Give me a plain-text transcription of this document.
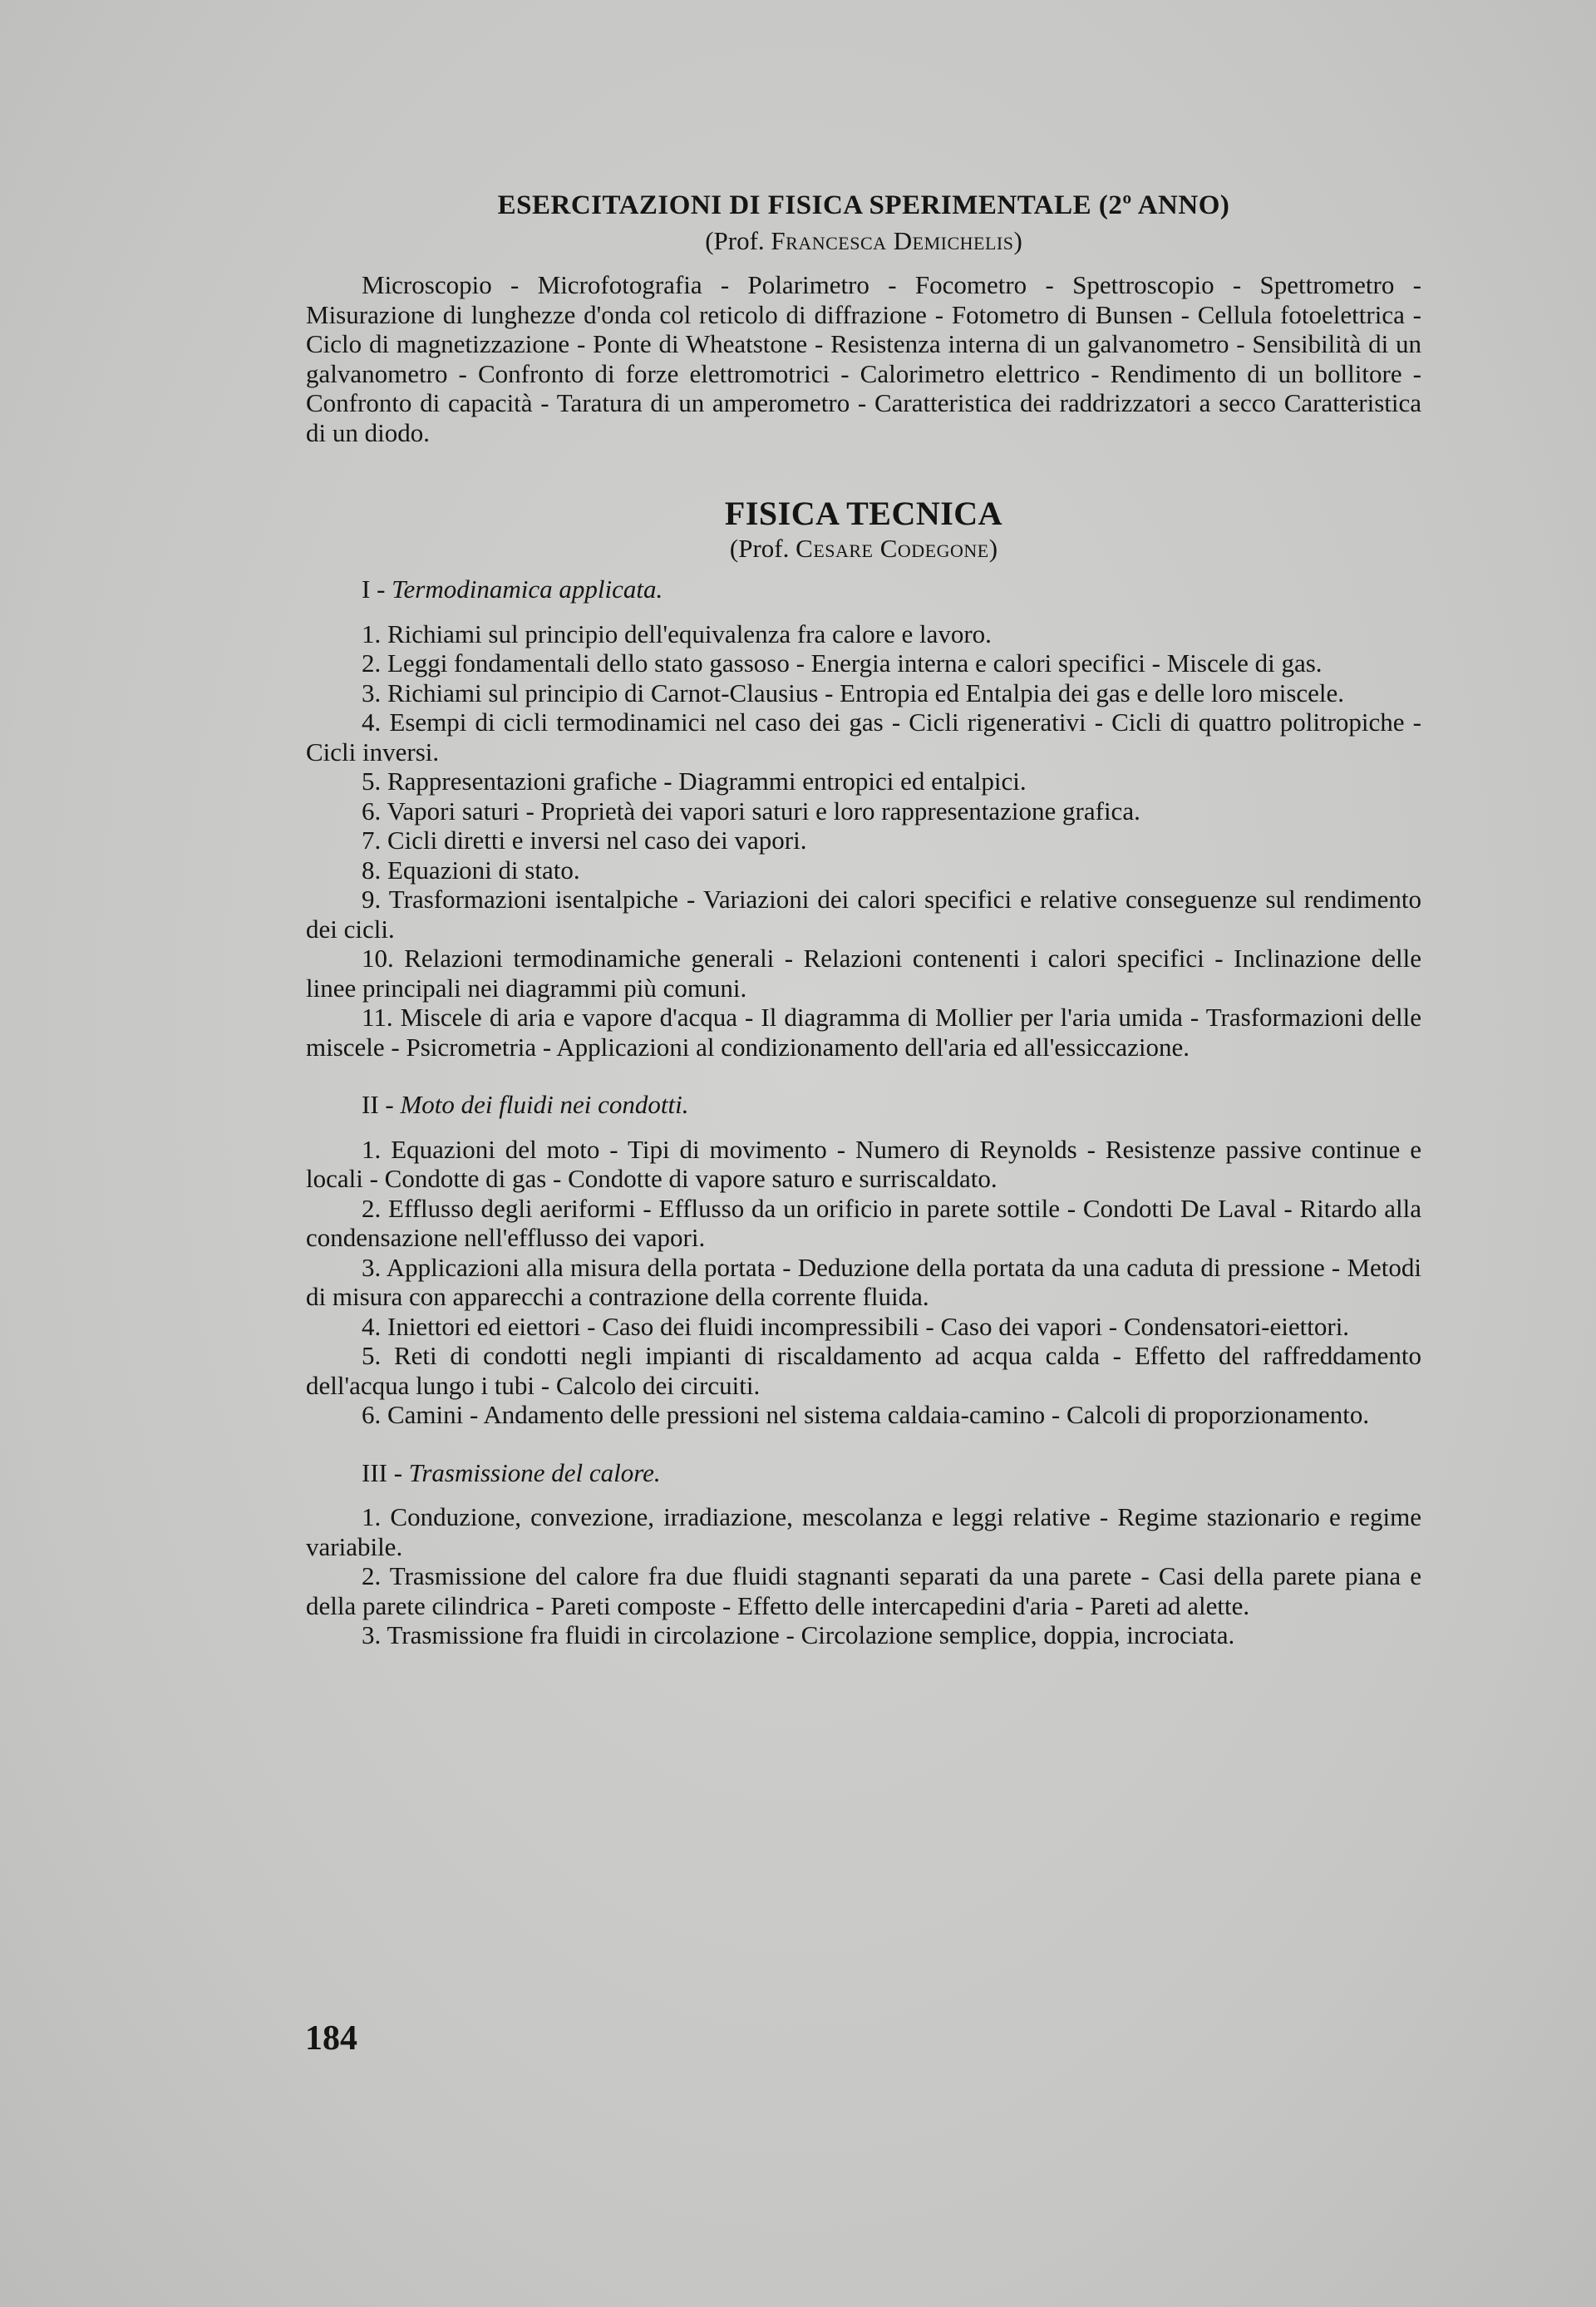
ESERCITAZIONI DI FISICA SPERIMENTALE (2º ANNO)

(Prof. Francesca Demichelis)

Microscopio - Microfotografia - Polarimetro - Focometro - Spettroscopio - Spettrometro - Misurazione di lunghezze d'onda col reticolo di diffrazione - Fotometro di Bunsen - Cellula fotoelettrica - Ciclo di magnetizzazione - Ponte di Wheatstone - Resistenza interna di un galvanometro - Sensibilità di un galvanometro - Confronto di forze elettromotrici - Calorimetro elettrico - Rendimento di un bollitore - Confronto di capacità - Taratura di un amperometro - Caratteristica dei raddrizzatori a secco Caratteristica di un diodo.

FISICA TECNICA

(Prof. Cesare Codegone)

I - Termodinamica applicata.

1. Richiami sul principio dell'equivalenza fra calore e lavoro.

2. Leggi fondamentali dello stato gassoso - Energia interna e calori specifici - Miscele di gas.

3. Richiami sul principio di Carnot-Clausius - Entropia ed Entalpia dei gas e delle loro miscele.

4. Esempi di cicli termodinamici nel caso dei gas - Cicli rigenerativi - Cicli di quattro politropiche - Cicli inversi.

5. Rappresentazioni grafiche - Diagrammi entropici ed entalpici.

6. Vapori saturi - Proprietà dei vapori saturi e loro rappresentazione grafica.

7. Cicli diretti e inversi nel caso dei vapori.

8. Equazioni di stato.

9. Trasformazioni isentalpiche - Variazioni dei calori specifici e relative conseguenze sul rendimento dei cicli.

10. Relazioni termodinamiche generali - Relazioni contenenti i calori specifici - Inclinazione delle linee principali nei diagrammi più comuni.

11. Miscele di aria e vapore d'acqua - Il diagramma di Mollier per l'aria umida - Trasformazioni delle miscele - Psicrometria - Applicazioni al condizionamento dell'aria ed all'essiccazione.

II - Moto dei fluidi nei condotti.

1. Equazioni del moto - Tipi di movimento - Numero di Reynolds - Resistenze passive continue e locali - Condotte di gas - Condotte di vapore saturo e surriscaldato.

2. Efflusso degli aeriformi - Efflusso da un orificio in parete sottile - Condotti De Laval - Ritardo alla condensazione nell'efflusso dei vapori.

3. Applicazioni alla misura della portata - Deduzione della portata da una caduta di pressione - Metodi di misura con apparecchi a contrazione della corrente fluida.

4. Iniettori ed eiettori - Caso dei fluidi incompressibili - Caso dei vapori - Condensatori-eiettori.

5. Reti di condotti negli impianti di riscaldamento ad acqua calda - Effetto del raffreddamento dell'acqua lungo i tubi - Calcolo dei circuiti.

6. Camini - Andamento delle pressioni nel sistema caldaia-camino - Calcoli di proporzionamento.

III - Trasmissione del calore.

1. Conduzione, convezione, irradiazione, mescolanza e leggi relative - Regime stazionario e regime variabile.

2. Trasmissione del calore fra due fluidi stagnanti separati da una parete - Casi della parete piana e della parete cilindrica - Pareti composte - Effetto delle intercapedini d'aria - Pareti ad alette.

3. Trasmissione fra fluidi in circolazione - Circolazione semplice, doppia, incrociata.

184
